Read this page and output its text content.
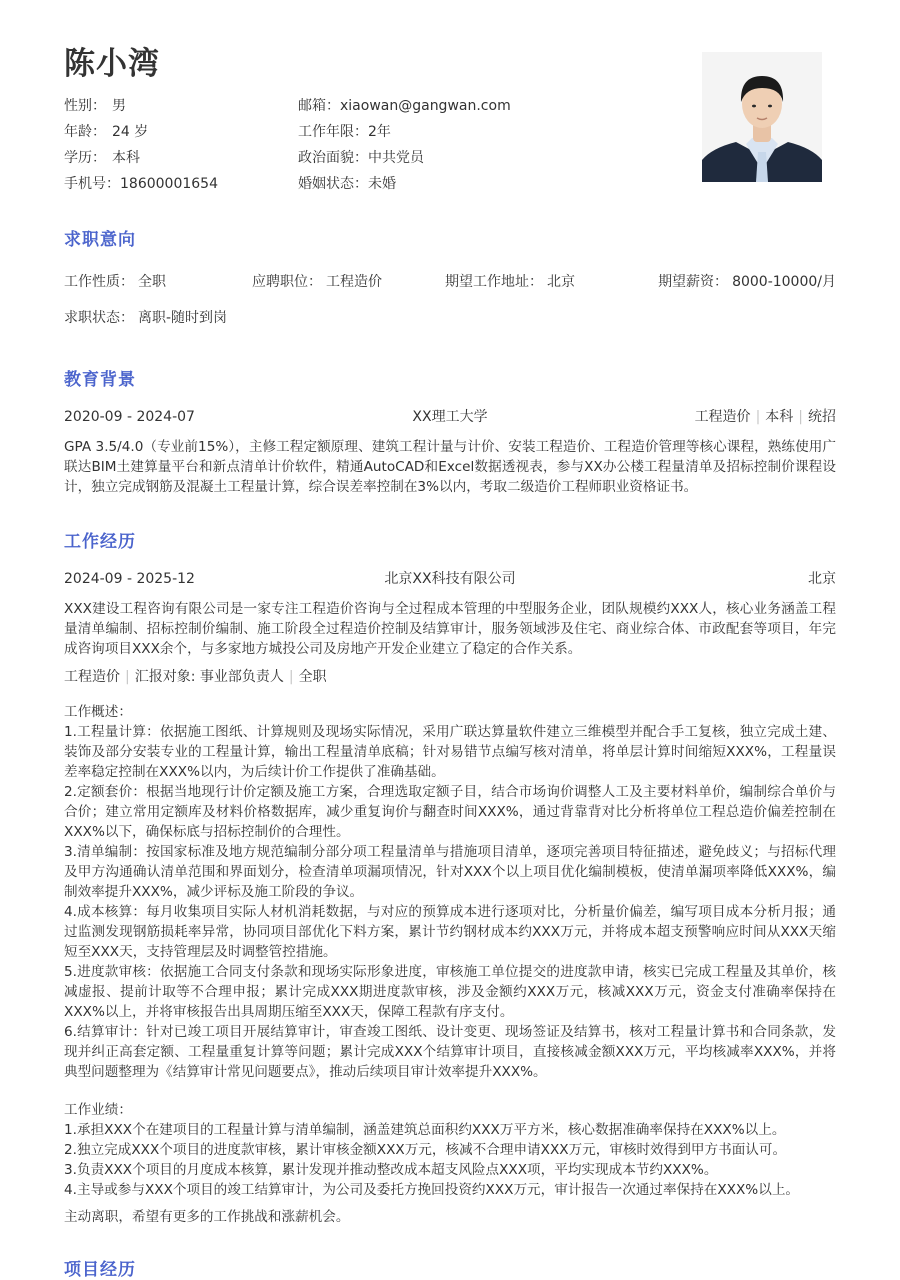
陈小湾
性别： 男	邮箱：xiaowan@gangwan.com
年龄： 24 岁	工作年限：2年
学历： 本科	政治面貌：中共党员
手机号：18600001654	婚姻状态：未婚
求职意向
工作性质： 全职	应聘职位： 工程造价	期望工作地址： 北京	期望薪资： 8000-10000/月
求职状态： 离职-随时到岗
教育背景
2020-09 - 2024-07	XX理工大学	工程造价 | 本科 | 统招
GPA 3.5/4.0（专业前15%），主修工程定额原理、建筑工程计量与计价、安装工程造价、工程造价管理等核心课程，熟练使用广联达BIM土建算量平台和新点清单计价软件，精通AutoCAD和Excel数据透视表，参与XX办公楼工程量清单及招标控制价课程设计，独立完成钢筋及混凝土工程量计算，综合误差率控制在3%以内，考取二级造价工程师职业资格证书。
工作经历
2024-09 - 2025-12	北京XX科技有限公司	北京
XXX建设工程咨询有限公司是一家专注工程造价咨询与全过程成本管理的中型服务企业，团队规模约XXX人，核心业务涵盖工程量清单编制、招标控制价编制、施工阶段全过程造价控制及结算审计，服务领域涉及住宅、商业综合体、市政配套等项目，年完成咨询项目XXX余个，与多家地方城投公司及房地产开发企业建立了稳定的合作关系。
工程造价 | 汇报对象: 事业部负责人 | 全职
工作概述：
1.工程量计算：依据施工图纸、计算规则及现场实际情况，采用广联达算量软件建立三维模型并配合手工复核，独立完成土建、装饰及部分安装专业的工程量计算，输出工程量清单底稿；针对易错节点编写核对清单，将单层计算时间缩短XXX%，工程量误差率稳定控制在XXX%以内，为后续计价工作提供了准确基础。
2.定额套价：根据当地现行计价定额及施工方案，合理选取定额子目，结合市场询价调整人工及主要材料单价，编制综合单价与合价；建立常用定额库及材料价格数据库，减少重复询价与翻查时间XXX%，通过背靠背对比分析将单位工程总造价偏差控制在XXX%以下，确保标底与招标控制价的合理性。
3.清单编制：按国家标准及地方规范编制分部分项工程量清单与措施项目清单，逐项完善项目特征描述，避免歧义；与招标代理及甲方沟通确认清单范围和界面划分，检查清单项漏项情况，针对XXX个以上项目优化编制模板，使清单漏项率降低XXX%，编制效率提升XXX%，减少评标及施工阶段的争议。
4.成本核算：每月收集项目实际人材机消耗数据，与对应的预算成本进行逐项对比，分析量价偏差，编写项目成本分析月报；通过监测发现钢筋损耗率异常，协同项目部优化下料方案，累计节约钢材成本约XXX万元，并将成本超支预警响应时间从XXX天缩短至XXX天，支持管理层及时调整管控措施。
5.进度款审核：依据施工合同支付条款和现场实际形象进度，审核施工单位提交的进度款申请，核实已完成工程量及其单价，核减虚报、提前计取等不合理申报；累计完成XXX期进度款审核，涉及金额约XXX万元，核减XXX万元，资金支付准确率保持在XXX%以上，并将审核报告出具周期压缩至XXX天，保障工程款有序支付。
6.结算审计：针对已竣工项目开展结算审计，审查竣工图纸、设计变更、现场签证及结算书，核对工程量计算书和合同条款，发现并纠正高套定额、工程量重复计算等问题；累计完成XXX个结算审计项目，直接核减金额XXX万元，平均核减率XXX%，并将典型问题整理为《结算审计常见问题要点》，推动后续项目审计效率提升XXX%。
工作业绩：
1.承担XXX个在建项目的工程量计算与清单编制，涵盖建筑总面积约XXX万平方米，核心数据准确率保持在XXX%以上。
2.独立完成XXX个项目的进度款审核，累计审核金额XXX万元，核减不合理申请XXX万元，审核时效得到甲方书面认可。
3.负责XXX个项目的月度成本核算，累计发现并推动整改成本超支风险点XXX项，平均实现成本节约XXX%。
4.主导或参与XXX个项目的竣工结算审计，为公司及委托方挽回投资约XXX万元，审计报告一次通过率保持在XXX%以上。
主动离职，希望有更多的工作挑战和涨薪机会。
项目经历
